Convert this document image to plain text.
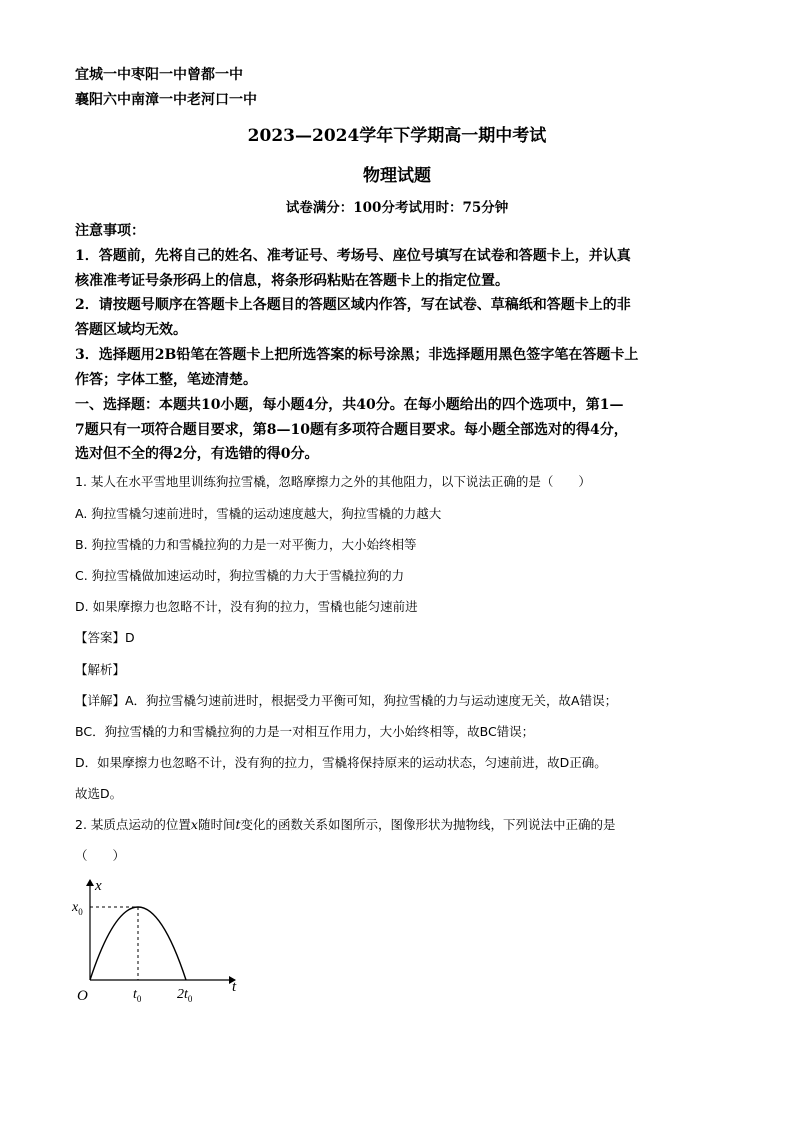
宜城一中枣阳一中曾都一中
襄阳六中南漳一中老河口一中
2023—2024学年下学期高一期中考试
物理试题
试卷满分：100分考试用时：75分钟
注意事项：
1．答题前，先将自己的姓名、准考证号、考场号、座位号填写在试卷和答题卡上，并认真
核准准考证号条形码上的信息，将条形码粘贴在答题卡上的指定位置。
2．请按题号顺序在答题卡上各题目的答题区域内作答，写在试卷、草稿纸和答题卡上的非
答题区域均无效。
3．选择题用2B铅笔在答题卡上把所选答案的标号涂黑；非选择题用黑色签字笔在答题卡上
作答；字体工整，笔迹清楚。
一、选择题：本题共10小题，每小题4分，共40分。在每小题给出的四个选项中，第1—
7题只有一项符合题目要求，第8—10题有多项符合题目要求。每小题全部选对的得4分，
选对但不全的得2分，有选错的得0分。
1. 某人在水平雪地里训练狗拉雪橇，忽略摩擦力之外的其他阻力，以下说法正确的是（　　）
A. 狗拉雪橇匀速前进时，雪橇的运动速度越大，狗拉雪橇的力越大
B. 狗拉雪橇的力和雪橇拉狗的力是一对平衡力，大小始终相等
C. 狗拉雪橇做加速运动时，狗拉雪橇的力大于雪橇拉狗的力
D. 如果摩擦力也忽略不计，没有狗的拉力，雪橇也能匀速前进
【答案】D
【解析】
【详解】A．狗拉雪橇匀速前进时，根据受力平衡可知，狗拉雪橇的力与运动速度无关，故A错误；
BC．狗拉雪橇的力和雪橇拉狗的力是一对相互作用力，大小始终相等，故BC错误；
D．如果摩擦力也忽略不计，没有狗的拉力，雪橇将保持原来的运动状态，匀速前进，故D正确。
故选D。
2. 某质点运动的位置x随时间t变化的函数关系如图所示，图像形状为抛物线，下列说法中正确的是
（　　）
x
t
O
$x_0$
$t_0$	$2t_0$
